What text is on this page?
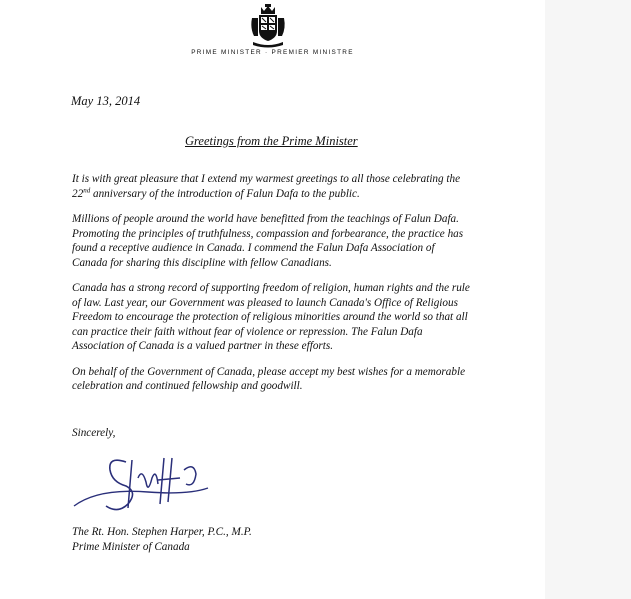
PRIME MINISTER · PREMIER MINISTRE
May 13, 2014
Greetings from the Prime Minister

It is with great pleasure that I extend my warmest greetings to all those celebrating the 22nd anniversary of the introduction of Falun Dafa to the public.

Millions of people around the world have benefitted from the teachings of Falun Dafa. Promoting the principles of truthfulness, compassion and forbearance, the practice has found a receptive audience in Canada. I commend the Falun Dafa Association of Canada for sharing this discipline with fellow Canadians.

Canada has a strong record of supporting freedom of religion, human rights and the rule of law. Last year, our Government was pleased to launch Canada's Office of Religious Freedom to encourage the protection of religious minorities around the world so that all can practice their faith without fear of violence or repression. The Falun Dafa Association of Canada is a valued partner in these efforts.

On behalf of the Government of Canada, please accept my best wishes for a memorable celebration and continued fellowship and goodwill.

Sincerely,
The Rt. Hon. Stephen Harper, P.C., M.P.
Prime Minister of Canada
